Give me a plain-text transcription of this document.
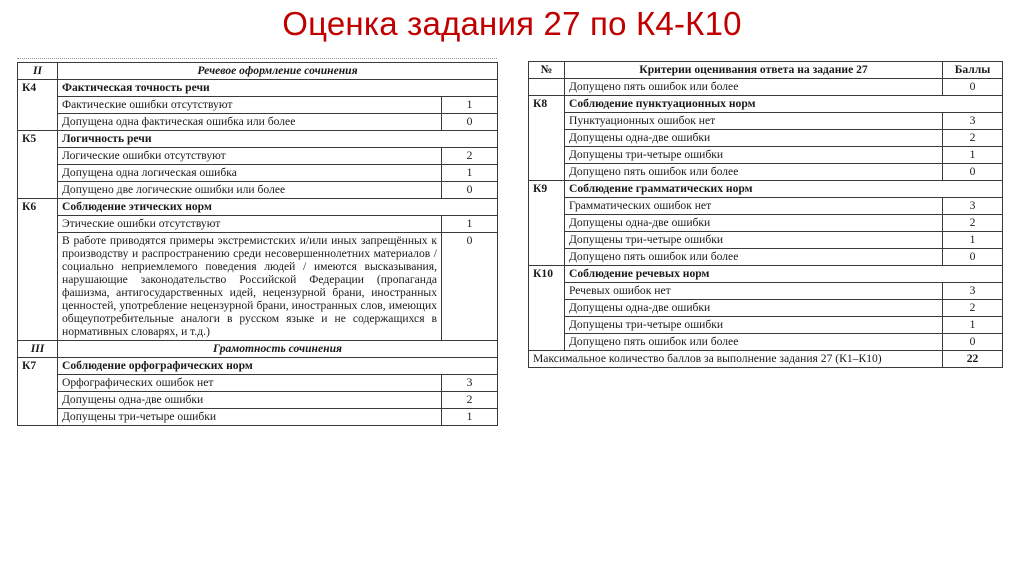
Оценка задания 27 по К4-К10
II	Речевое оформление сочинения	
К4	Фактическая точность речи	
	Фактические ошибки отсутствуют	1
	Допущена одна фактическая ошибка или более	0
К5	Логичность речи	
	Логические ошибки отсутствуют	2
	Допущена одна логическая ошибка	1
	Допущено две логические ошибки или более	0
К6	Соблюдение этических норм	
	Этические ошибки отсутствуют	1
	В работе приводятся примеры экстремистских и/или иных запрещённых к производству и распространению среди несовершеннолетних материалов / социально неприемлемого поведения людей / имеются высказывания, нарушающие законодательство Российской Федерации (пропаганда фашизма, антигосударственных идей, нецензурной брани, иностранных ценностей, употребление нецензурной брани, иностранных слов, имеющих общеупотребительные аналоги в русском языке и не содержащихся в нормативных словарях, и т.д.)	0
III	Грамотность сочинения	
К7	Соблюдение орфографических норм	
	Орфографических ошибок нет	3
	Допущены одна-две ошибки	2
	Допущены три-четыре ошибки	1
№	Критерии оценивания ответа на задание 27	Баллы
	Допущено пять ошибок или более	0
К8	Соблюдение пунктуационных норм	
	Пунктуационных ошибок нет	3
	Допущены одна-две ошибки	2
	Допущены три-четыре ошибки	1
	Допущено пять ошибок или более	0
К9	Соблюдение грамматических норм	
	Грамматических ошибок нет	3
	Допущены одна-две ошибки	2
	Допущены три-четыре ошибки	1
	Допущено пять ошибок или более	0
К10	Соблюдение речевых норм	
	Речевых ошибок нет	3
	Допущены одна-две ошибки	2
	Допущены три-четыре ошибки	1
	Допущено пять ошибок или более	0
Максимальное количество баллов за выполнение задания 27 (К1–К10)		22
